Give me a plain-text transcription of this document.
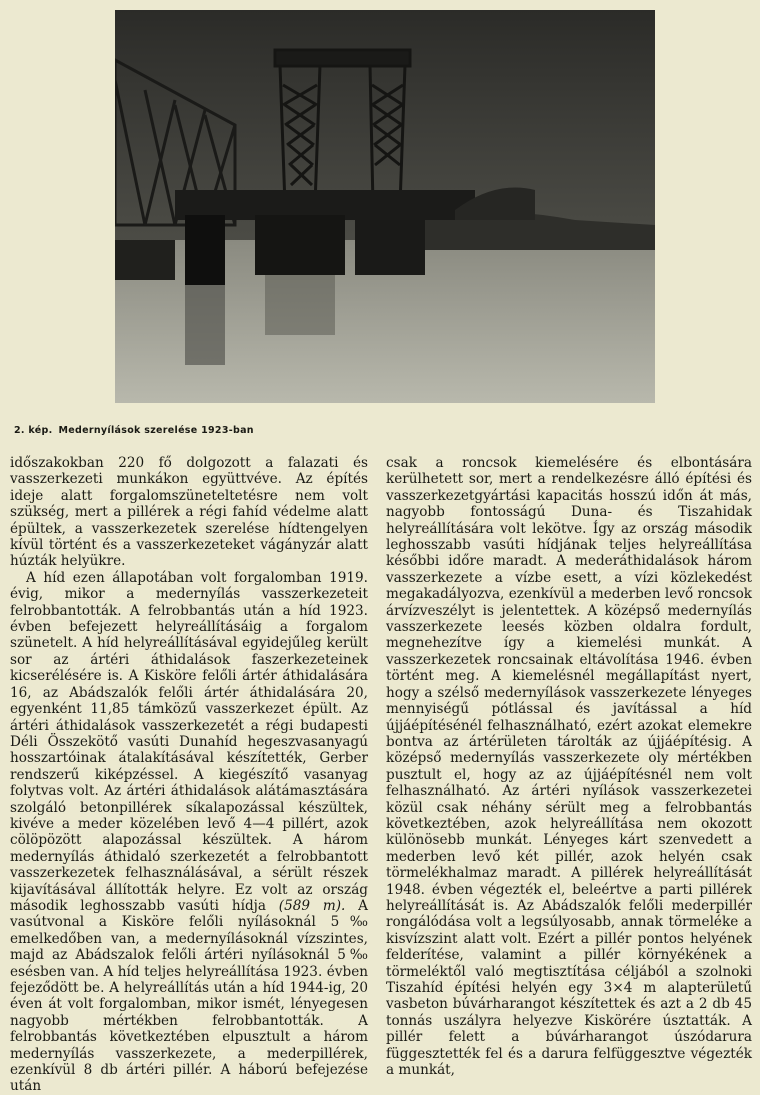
2. kép. Medernyílások szerelése 1923-ban

időszakokban 220 fő dolgozott a falazati és vasszerkezeti munkákon együttvéve. Az építés ideje alatt forgalomszüneteltetésre nem volt szükség, mert a pillérek a régi fahíd védelme alatt épültek, a vasszerkezetek szerelése hídtengelyen kívül történt és a vasszerkezeteket vágányzár alatt húzták helyükre.

A híd ezen állapotában volt forgalomban 1919. évig, mikor a medernyílás vasszerkezeteit felrobbantották. A felrobbantás után a híd 1923. évben befejezett helyreállításáig a forgalom szünetelt. A híd helyreállításával egyidejűleg került sor az ártéri áthidalások faszerkezeteinek kicserélésére is. A Kisköre felőli ártér áthidalására 16, az Abádszalók felőli ártér áthidalására 20, egyenként 11,85 támközű vasszerkezet épült. Az ártéri áthidalások vasszerkezetét a régi budapesti Déli Összekötő vasúti Dunahíd hegeszvasanyagú hosszartóinak átalakításával készítették, Gerber rendszerű kiképzéssel. A kiegészítő vasanyag folytvas volt. Az ártéri áthidalások alátámasztására szolgáló betonpillérek síkalapozással készültek, kivéve a meder közelében levő 4—4 pillért, azok cölöpözött alapozással készültek. A három medernyílás áthidaló szerkezetét a felrobbantott vasszerkezetek felhasználásával, a sérült részek kijavításával állították helyre. Ez volt az ország második leghosszabb vasúti hídja (589 m). A vasútvonal a Kisköre felőli nyílásoknál 5‰ emelkedőben van, a medernyílásoknál vízszintes, majd az Abádszalok felőli ártéri nyílásoknál 5‰ esésben van. A híd teljes helyreállítása 1923. évben fejeződött be. A helyreállítás után a híd 1944-ig, 20 éven át volt forgalomban, mikor ismét, lényegesen nagyobb mértékben felrobbantották. A felrobbantás következtében elpusztult a három medernyílás vasszerkezete, a mederpillérek, ezenkívül 8 db ártéri pillér. A háború befejezése után

csak a roncsok kiemelésére és elbontására kerülhetett sor, mert a rendelkezésre álló építési és vasszerkezetgyártási kapacitás hosszú időn át más, nagyobb fontosságú Duna- és Tiszahidak helyreállítására volt lekötve. Így az ország második leghosszabb vasúti hídjának teljes helyreállítása későbbi időre maradt. A mederáthidalások három vasszerkezete a vízbe esett, a vízi közlekedést megakadályozva, ezenkívül a mederben levő roncsok árvízveszélyt is jelentettek. A középső medernyílás vasszerkezete leesés közben oldalra fordult, megnehezítve így a kiemelési munkát. A vasszerkezetek roncsainak eltávolítása 1946. évben történt meg. A kiemelésnél megállapítást nyert, hogy a szélső medernyílások vasszerkezete lényeges mennyiségű pótlással és javítással a híd újjáépítésénél felhasználható, ezért azokat elemekre bontva az ártérületen tárolták az újjáépítésig. A középső medernyílás vasszerkezete oly mértékben pusztult el, hogy az az újjáépítésnél nem volt felhasználható. Az ártéri nyílások vasszerkezetei közül csak néhány sérült meg a felrobbantás következtében, azok helyreállítása nem okozott különösebb munkát. Lényeges kárt szenvedett a mederben levő két pillér, azok helyén csak törmelékhalmaz maradt. A pillérek helyreállítását 1948. évben végezték el, beleértve a parti pillérek helyreállítását is. Az Abádszalók felőli mederpillér rongálódása volt a legsúlyosabb, annak törmeléke a kisvízszint alatt volt. Ezért a pillér pontos helyének felderítése, valamint a pillér környékének a törmeléktől való megtisztítása céljából a szolnoki Tiszahíd építési helyén egy 3×4 m alapterületű vasbeton búvárharangot készítettek és azt a 2 db 45 tonnás uszályra helyezve Kiskörére úsztatták. A pillér felett a búvárharangot úszódarura függesztették fel és a darura felfüggesztve végezték a munkát,
